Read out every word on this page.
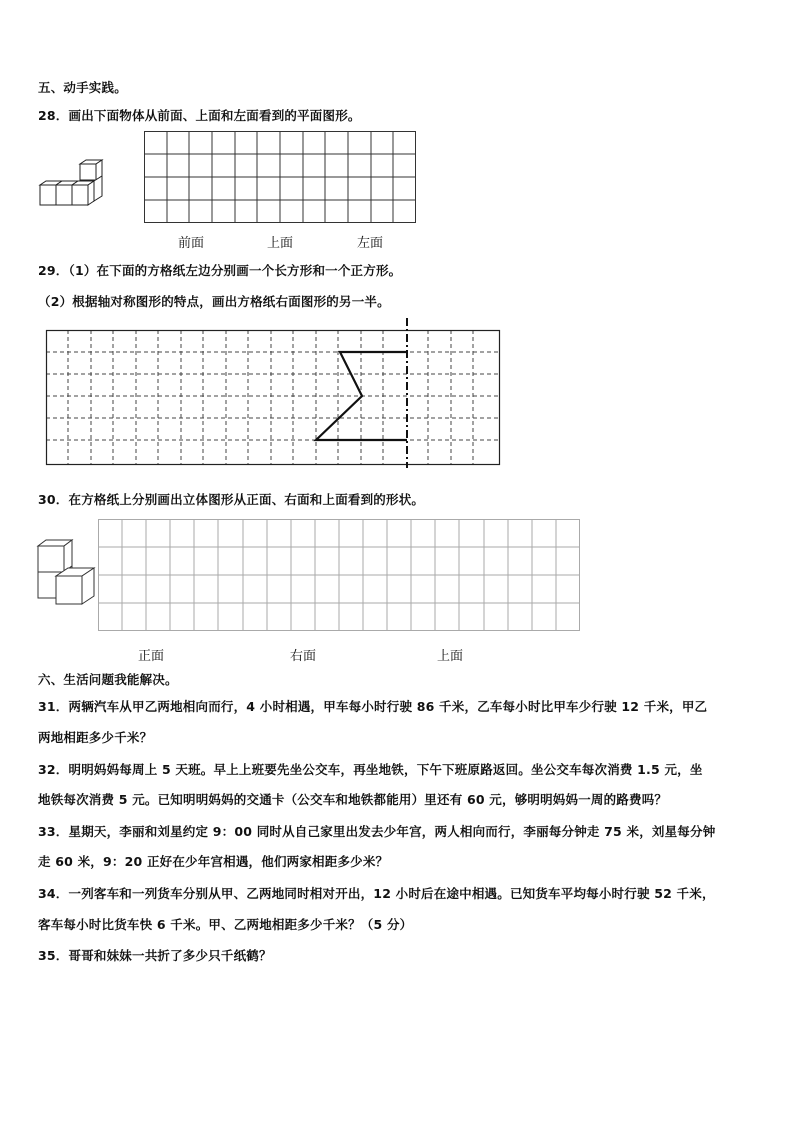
五、动手实践。
28．画出下面物体从前面、上面和左面看到的平面图形。
前面	上面	左面
29．（1）在下面的方格纸左边分别画一个长方形和一个正方形。
（2）根据轴对称图形的特点，画出方格纸右面图形的另一半。
30．在方格纸上分别画出立体图形从正面、右面和上面看到的形状。
正面	右面	上面
六、生活问题我能解决。
31．两辆汽车从甲乙两地相向而行，4 小时相遇，甲车每小时行驶 86 千米，乙车每小时比甲车少行驶 12 千米，甲乙
两地相距多少千米？
32．明明妈妈每周上 5 天班。早上上班要先坐公交车，再坐地铁，下午下班原路返回。坐公交车每次消费 1.5 元，坐
地铁每次消费 5 元。已知明明妈妈的交通卡（公交车和地铁都能用）里还有 60 元，够明明妈妈一周的路费吗？
33．星期天，李丽和刘星约定 9：00 同时从自己家里出发去少年宫，两人相向而行，李丽每分钟走 75 米，刘星每分钟
走 60 米，9：20 正好在少年宫相遇，他们两家相距多少米？
34．一列客车和一列货车分别从甲、乙两地同时相对开出，12 小时后在途中相遇。已知货车平均每小时行驶 52 千米，
客车每小时比货车快 6 千米。甲、乙两地相距多少千米？（5 分）
35．哥哥和妹妹一共折了多少只千纸鹤？
